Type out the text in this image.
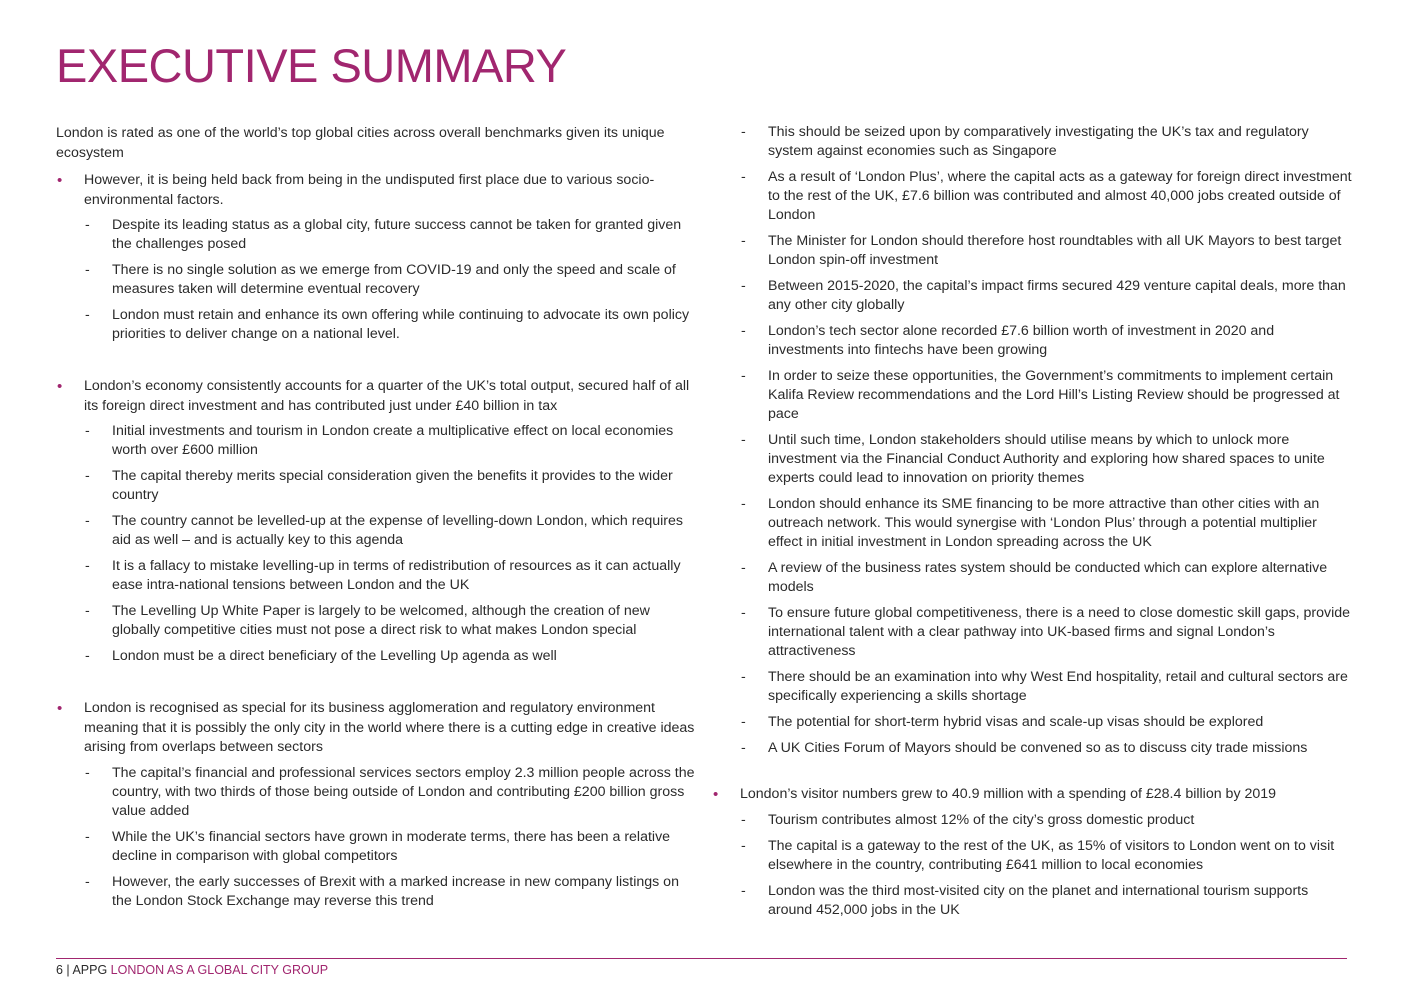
EXECUTIVE SUMMARY

London is rated as one of the world’s top global cities across overall benchmarks given its unique ecosystem

• However, it is being held back from being in the undisputed first place due to various socio-environmental factors.
- Despite its leading status as a global city, future success cannot be taken for granted given the challenges posed
- There is no single solution as we emerge from COVID-19 and only the speed and scale of measures taken will determine eventual recovery
- London must retain and enhance its own offering while continuing to advocate its own policy priorities to deliver change on a national level.
• London’s economy consistently accounts for a quarter of the UK’s total output, secured half of all its foreign direct investment and has contributed just under £40 billion in tax
- Initial investments and tourism in London create a multiplicative effect on local economies worth over £600 million
- The capital thereby merits special consideration given the benefits it provides to the wider country
- The country cannot be levelled-up at the expense of levelling-down London, which requires aid as well – and is actually key to this agenda
- It is a fallacy to mistake levelling-up in terms of redistribution of resources as it can actually ease intra-national tensions between London and the UK
- The Levelling Up White Paper is largely to be welcomed, although the creation of new globally competitive cities must not pose a direct risk to what makes London special
- London must be a direct beneficiary of the Levelling Up agenda as well
• London is recognised as special for its business agglomeration and regulatory environment meaning that it is possibly the only city in the world where there is a cutting edge in creative ideas arising from overlaps between sectors
- The capital’s financial and professional services sectors employ 2.3 million people across the country, with two thirds of those being outside of London and contributing £200 billion gross value added
- While the UK’s financial sectors have grown in moderate terms, there has been a relative decline in comparison with global competitors
- However, the early successes of Brexit with a marked increase in new company listings on the London Stock Exchange may reverse this trend
- This should be seized upon by comparatively investigating the UK’s tax and regulatory system against economies such as Singapore
- As a result of ‘London Plus’, where the capital acts as a gateway for foreign direct investment to the rest of the UK, £7.6 billion was contributed and almost 40,000 jobs created outside of London
- The Minister for London should therefore host roundtables with all UK Mayors to best target London spin-off investment
- Between 2015-2020, the capital’s impact firms secured 429 venture capital deals, more than any other city globally
- London’s tech sector alone recorded £7.6 billion worth of investment in 2020 and investments into fintechs have been growing
- In order to seize these opportunities, the Government’s commitments to implement certain Kalifa Review recommendations and the Lord Hill’s Listing Review should be progressed at pace
- Until such time, London stakeholders should utilise means by which to unlock more investment via the Financial Conduct Authority and exploring how shared spaces to unite experts could lead to innovation on priority themes
- London should enhance its SME financing to be more attractive than other cities with an outreach network. This would synergise with ‘London Plus’ through a potential multiplier effect in initial investment in London spreading across the UK
- A review of the business rates system should be conducted which can explore alternative models
- To ensure future global competitiveness, there is a need to close domestic skill gaps, provide international talent with a clear pathway into UK-based firms and signal London’s attractiveness
- There should be an examination into why West End hospitality, retail and cultural sectors are specifically experiencing a skills shortage
- The potential for short-term hybrid visas and scale-up visas should be explored
- A UK Cities Forum of Mayors should be convened so as to discuss city trade missions
• London’s visitor numbers grew to 40.9 million with a spending of £28.4 billion by 2019
- Tourism contributes almost 12% of the city’s gross domestic product
- The capital is a gateway to the rest of the UK, as 15% of visitors to London went on to visit elsewhere in the country, contributing £641 million to local economies
- London was the third most-visited city on the planet and international tourism supports around 452,000 jobs in the UK
6 | APPG LONDON AS A GLOBAL CITY GROUP
